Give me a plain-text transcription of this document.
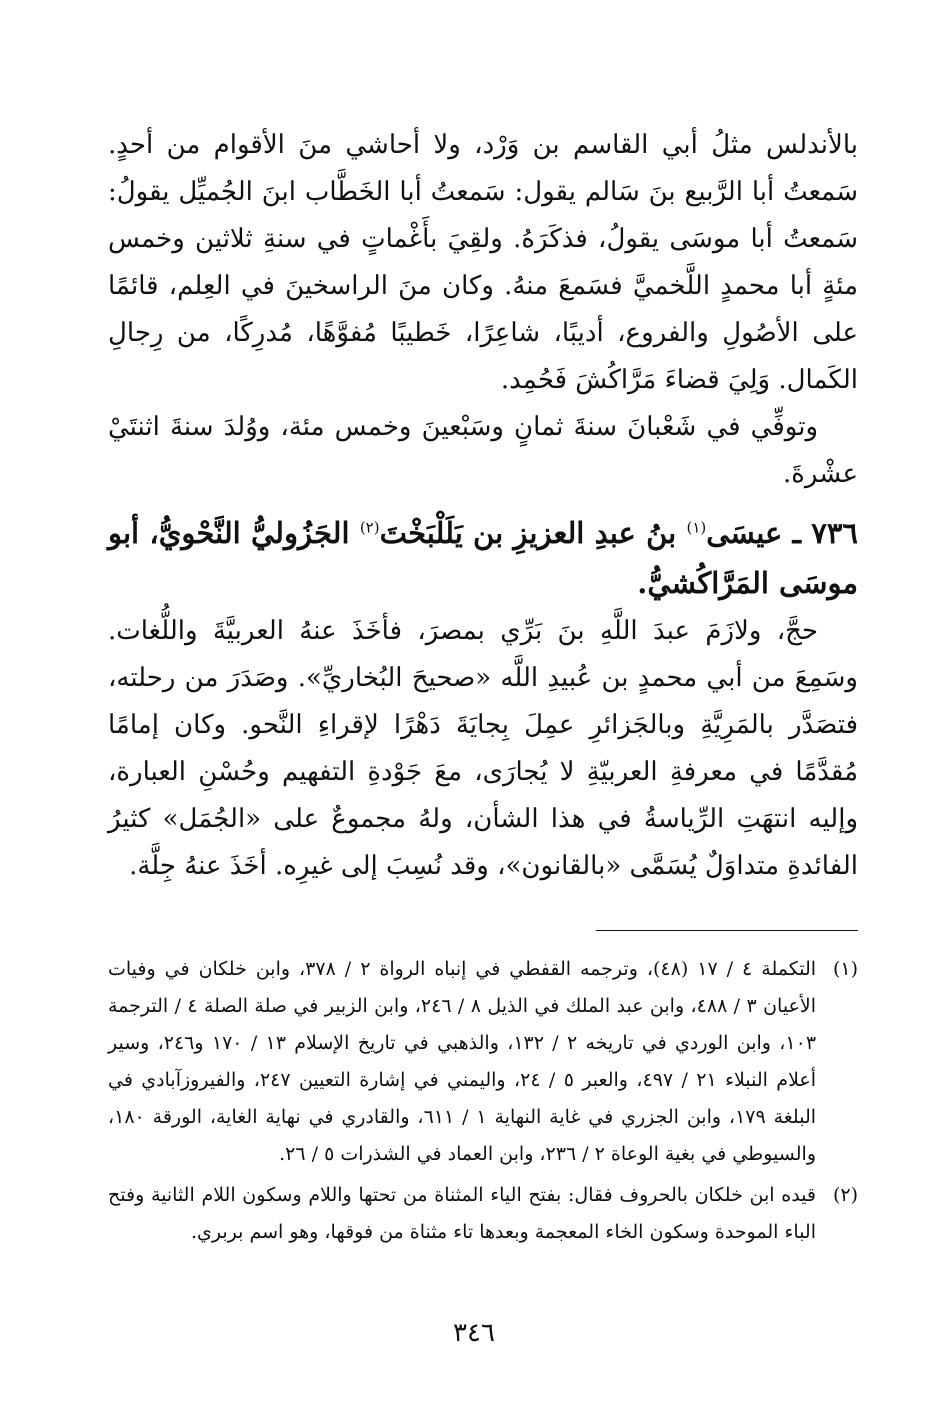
بالأندلس مثلُ أبي القاسم بن وَرْد، ولا أحاشي منَ الأقوام من أحدٍ. سَمعتُ أبا الرَّبيع بنَ سَالم يقول: سَمعتُ أبا الخَطَّاب ابنَ الجُميِّل يقولُ: سَمعتُ أبا موسَى يقولُ، فذكَرَهُ. ولقِيَ بأَغْماتٍ في سنةِ ثلاثين وخمس مئةٍ أبا محمدٍ اللَّخميَّ فسَمعَ منهُ. وكان منَ الراسخينَ في العِلم، قائمًا على الأصُولِ والفروع، أديبًا، شاعِرًا، خَطيبًا مُفوَّهًا، مُدرِكًا، من رِجالِ الكَمال. وَلِيَ قضاءَ مَرَّاكُشَ فَحُمِد.

وتوفِّي في شَعْبانَ سنةَ ثمانٍ وسَبْعينَ وخمس مئة، ووُلدَ سنةَ اثنتَيْ عشْرةَ.

٧٣٦ ـ عيسَى$^{(١)}$ بنُ عبدِ العزيزِ بن يَلَلْبَخْتَ$^{(٢)}$ الجَزُوليُّ النَّحْويُّ، أبو موسَى المَرَّاكُشيُّ.

حجَّ، ولازَمَ عبدَ اللَّهِ بنَ بَرِّي بمصرَ، فأخَذَ عنهُ العربيَّةَ واللُّغات. وسَمِعَ من أبي محمدٍ بن عُبيدِ اللَّه «صحيحَ البُخاريِّ». وصَدَرَ من رحلته، فتصَدَّر بالمَرِيَّةِ وبالجَزائرِ عمِلَ بِجايَةَ دَهْرًا لإقراءِ النَّحو. وكان إمامًا مُقدَّمًا في معرفةِ العربيّةِ لا يُجارَى، معَ جَوْدةِ التفهيم وحُسْنِ العبارة، وإليه انتهَتِ الرِّياسةُ في هذا الشأن، ولهُ مجموعٌ على «الجُمَل» كثيرُ الفائدةِ متداوَلٌ يُسَمَّى «بالقانون»، وقد نُسِبَ إلى غيرِه. أخَذَ عنهُ جِلَّة.

(١)
التكملة ٤ / ١٧ (٤٨)، وترجمه القفطي في إنباه الرواة ٢ / ٣٧٨، وابن خلكان في وفيات الأعيان ٣ / ٤٨٨، وابن عبد الملك في الذيل ٨ / ٢٤٦، وابن الزبير في صلة الصلة ٤ / الترجمة ١٠٣، وابن الوردي في تاريخه ٢ / ١٣٢، والذهبي في تاريخ الإسلام ١٣ / ١٧٠ و٢٤٦، وسير أعلام النبلاء ٢١ / ٤٩٧، والعبر ٥ / ٢٤، واليمني في إشارة التعيين ٢٤٧، والفيروزآبادي في البلغة ١٧٩، وابن الجزري في غاية النهاية ١ / ٦١١، والقادري في نهاية الغاية، الورقة ١٨٠، والسيوطي في بغية الوعاة ٢ / ٢٣٦، وابن العماد في الشذرات ٥ / ٢٦.
(٢)
قيده ابن خلكان بالحروف فقال: بفتح الياء المثناة من تحتها واللام وسكون اللام الثانية وفتح الباء الموحدة وسكون الخاء المعجمة وبعدها تاء مثناة من فوقها، وهو اسم بربري.
٣٤٦
